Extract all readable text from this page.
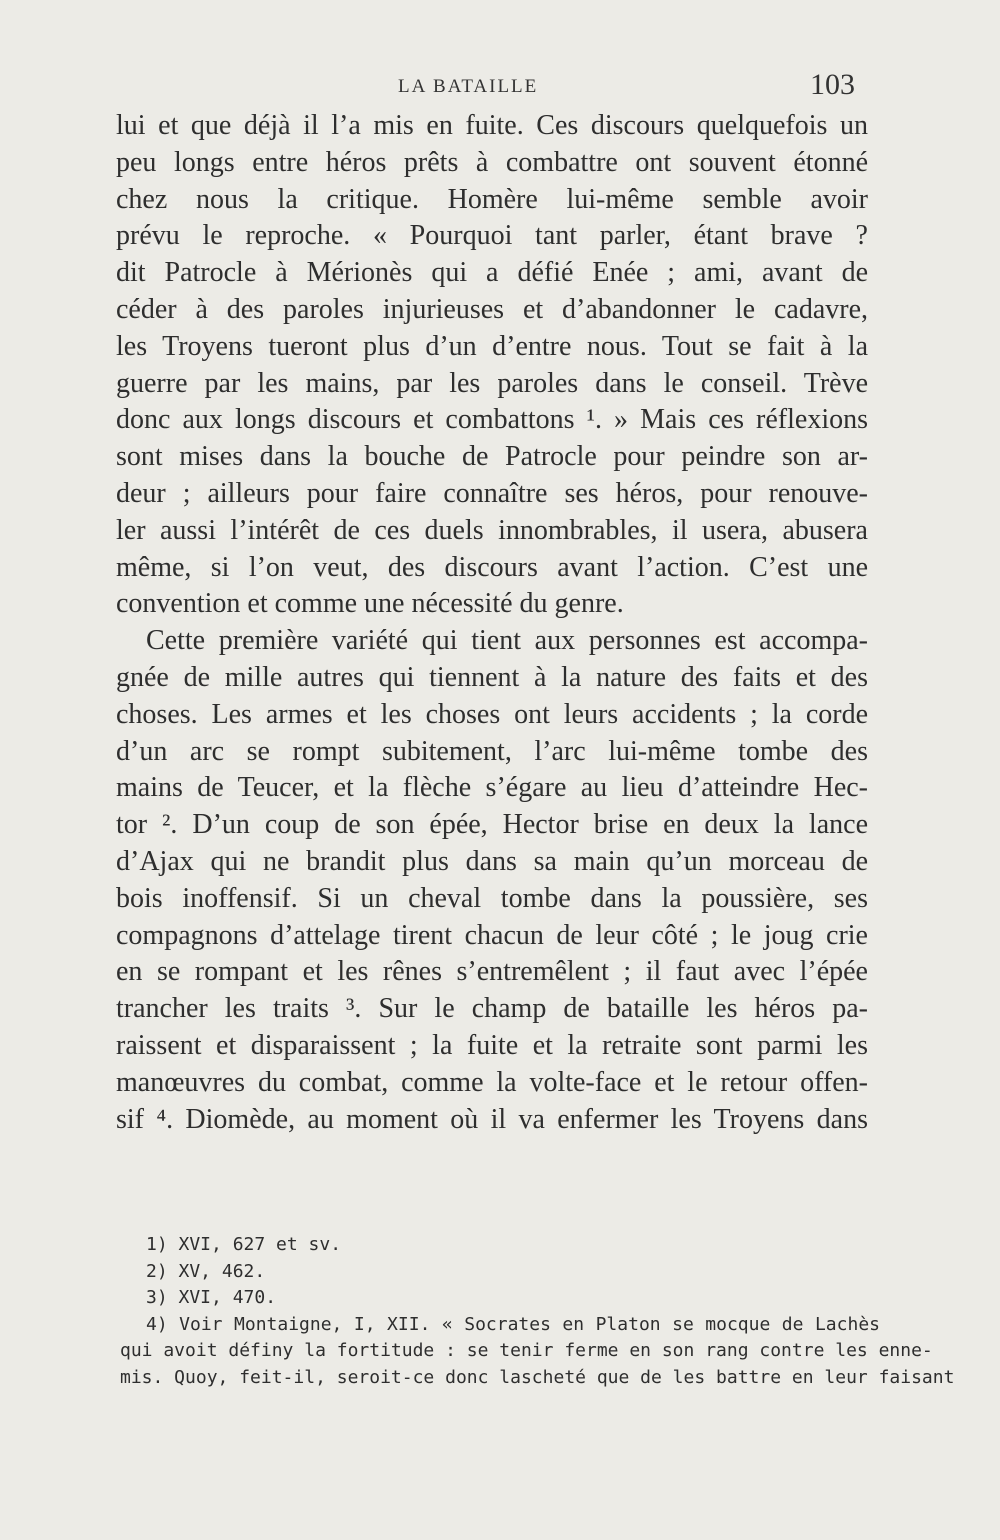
LA BATAILLE	103
lui et que déjà il l’a mis en fuite. Ces discours quelquefois un
peu longs entre héros prêts à combattre ont souvent étonné
chez nous la critique. Homère lui-même semble avoir
prévu le reproche. « Pourquoi tant parler, étant brave ?
dit Patrocle à Mérionès qui a défié Enée ; ami, avant de
céder à des paroles injurieuses et d’abandonner le cadavre,
les Troyens tueront plus d’un d’entre nous. Tout se fait à la
guerre par les mains, par les paroles dans le conseil. Trève
donc aux longs discours et combattons ¹. » Mais ces réflexions
sont mises dans la bouche de Patrocle pour peindre son ar-
deur ; ailleurs pour faire connaître ses héros, pour renouve-
ler aussi l’intérêt de ces duels innombrables, il usera, abusera
même, si l’on veut, des discours avant l’action. C’est une
convention et comme une nécessité du genre.
Cette première variété qui tient aux personnes est accompa-
gnée de mille autres qui tiennent à la nature des faits et des
choses. Les armes et les choses ont leurs accidents ; la corde
d’un arc se rompt subitement, l’arc lui-même tombe des
mains de Teucer, et la flèche s’égare au lieu d’atteindre Hec-
tor ². D’un coup de son épée, Hector brise en deux la lance
d’Ajax qui ne brandit plus dans sa main qu’un morceau de
bois inoffensif. Si un cheval tombe dans la poussière, ses
compagnons d’attelage tirent chacun de leur côté ; le joug crie
en se rompant et les rênes s’entremêlent ; il faut avec l’épée
trancher les traits ³. Sur le champ de bataille les héros pa-
raissent et disparaissent ; la fuite et la retraite sont parmi les
manœuvres du combat, comme la volte-face et le retour offen-
sif ⁴. Diomède, au moment où il va enfermer les Troyens dans
1) XVI, 627 et sv.
2) XV, 462.
3) XVI, 470.
4) Voir Montaigne, I, XII. « Socrates en Platon se mocque de Lachès
qui avoit définy la fortitude : se tenir ferme en son rang contre les enne-
mis. Quoy, feit-il, seroit-ce donc lascheté que de les battre en leur faisant
